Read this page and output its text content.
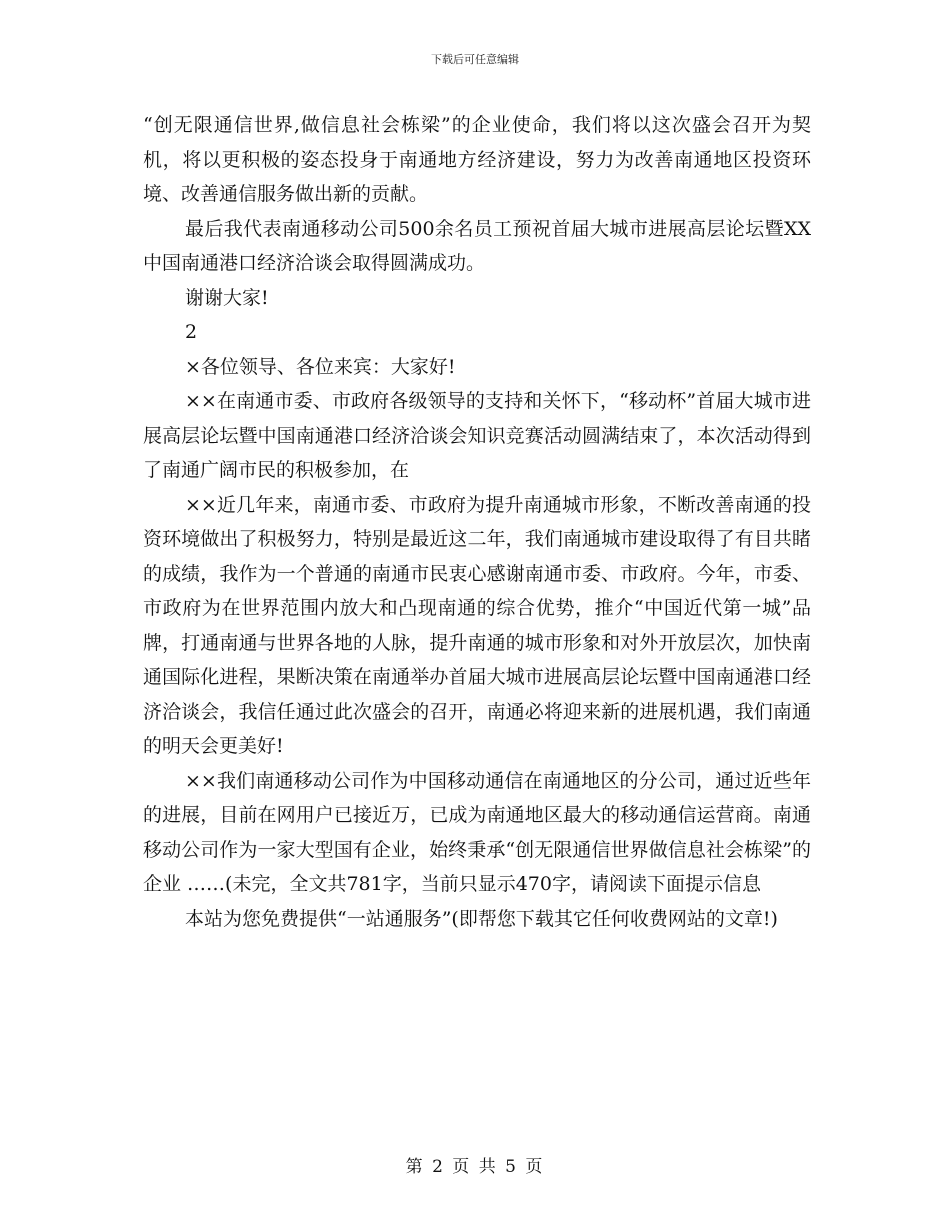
下载后可任意编辑

“创无限通信世界,做信息社会栋梁”的企业使命，我们将以这次盛会召开为契机，将以更积极的姿态投身于南通地方经济建设，努力为改善南通地区投资环境、改善通信服务做出新的贡献。

最后我代表南通移动公司500余名员工预祝首届大城市进展高层论坛暨XX中国南通港口经济洽谈会取得圆满成功。

谢谢大家!

2

×各位领导、各位来宾：大家好!

××在南通市委、市政府各级领导的支持和关怀下，“移动杯”首届大城市进展高层论坛暨中国南通港口经济洽谈会知识竞赛活动圆满结束了，本次活动得到了南通广阔市民的积极参加，在

××近几年来，南通市委、市政府为提升南通城市形象，不断改善南通的投资环境做出了积极努力，特别是最近这二年，我们南通城市建设取得了有目共睹的成绩，我作为一个普通的南通市民衷心感谢南通市委、市政府。今年，市委、市政府为在世界范围内放大和凸现南通的综合优势，推介“中国近代第一城”品牌，打通南通与世界各地的人脉，提升南通的城市形象和对外开放层次，加快南通国际化进程，果断决策在南通举办首届大城市进展高层论坛暨中国南通港口经济洽谈会，我信任通过此次盛会的召开，南通必将迎来新的进展机遇，我们南通的明天会更美好!

××我们南通移动公司作为中国移动通信在南通地区的分公司，通过近些年的进展，目前在网用户已接近万，已成为南通地区最大的移动通信运营商。南通移动公司作为一家大型国有企业，始终秉承“创无限通信世界做信息社会栋梁”的企业 ……(未完，全文共781字，当前只显示470字，请阅读下面提示信息

本站为您免费提供“一站通服务”(即帮您下载其它任何收费网站的文章!)

第 2 页 共 5 页
